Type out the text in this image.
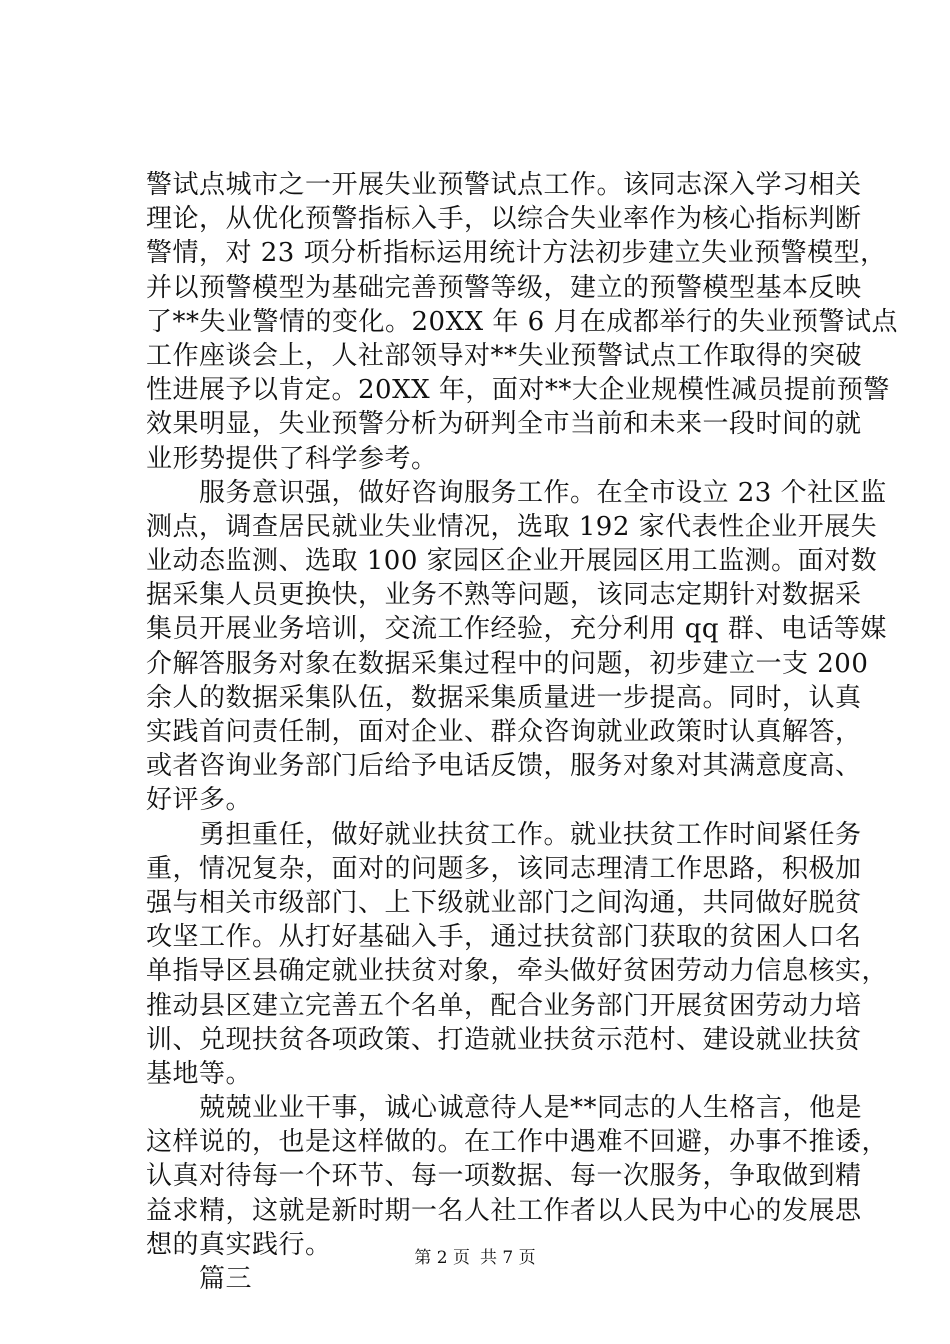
警试点城市之一开展失业预警试点工作。该同志深入学习相关
理论，从优化预警指标入手，以综合失业率作为核心指标判断
警情，对 23 项分析指标运用统计方法初步建立失业预警模型，
并以预警模型为基础完善预警等级，建立的预警模型基本反映
了**失业警情的变化。20XX 年 6 月在成都举行的失业预警试点
工作座谈会上，人社部领导对**失业预警试点工作取得的突破
性进展予以肯定。20XX 年，面对**大企业规模性减员提前预警
效果明显，失业预警分析为研判全市当前和未来一段时间的就
业形势提供了科学参考。
　　服务意识强，做好咨询服务工作。在全市设立 23 个社区监
测点，调查居民就业失业情况，选取 192 家代表性企业开展失
业动态监测、选取 100 家园区企业开展园区用工监测。面对数
据采集人员更换快，业务不熟等问题，该同志定期针对数据采
集员开展业务培训，交流工作经验，充分利用 qq 群、电话等媒
介解答服务对象在数据采集过程中的问题，初步建立一支 200
余人的数据采集队伍，数据采集质量进一步提高。同时，认真
实践首问责任制，面对企业、群众咨询就业政策时认真解答，
或者咨询业务部门后给予电话反馈，服务对象对其满意度高、
好评多。
　　勇担重任，做好就业扶贫工作。就业扶贫工作时间紧任务
重，情况复杂，面对的问题多，该同志理清工作思路，积极加
强与相关市级部门、上下级就业部门之间沟通，共同做好脱贫
攻坚工作。从打好基础入手，通过扶贫部门获取的贫困人口名
单指导区县确定就业扶贫对象，牵头做好贫困劳动力信息核实，
推动县区建立完善五个名单，配合业务部门开展贫困劳动力培
训、兑现扶贫各项政策、打造就业扶贫示范村、建设就业扶贫
基地等。
　　兢兢业业干事，诚心诚意待人是**同志的人生格言，他是
这样说的，也是这样做的。在工作中遇难不回避，办事不推诿，
认真对待每一个环节、每一项数据、每一次服务，争取做到精
益求精，这就是新时期一名人社工作者以人民为中心的发展思
想的真实践行。
　　篇三
第 2 页 共 7 页
